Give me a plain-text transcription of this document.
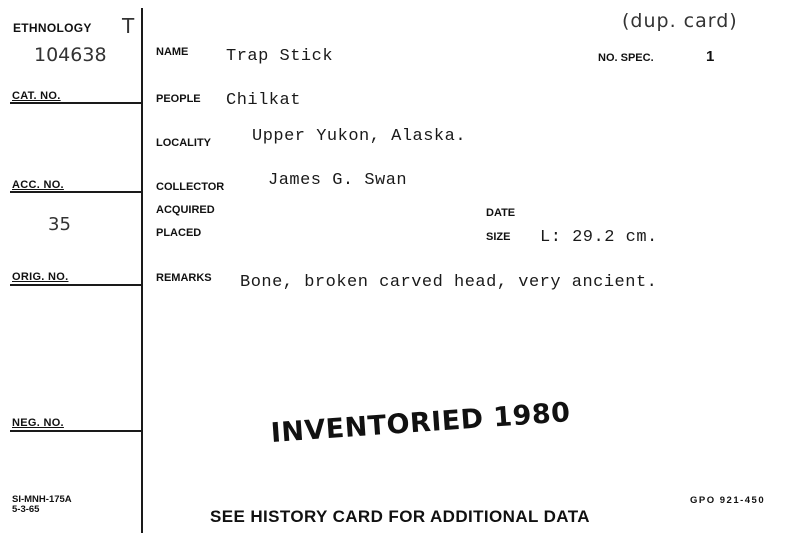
ETHNOLOGY T
104638
CAT. NO.
ACC. NO.
35
ORIG. NO.
NEG. NO.
SI-MNH-175A
5-3-65
(dup. card)
NAME Trap Stick	NO. SPEC.	1
PEOPLE Chilkat
LOCALITY Upper Yukon, Alaska.
COLLECTOR	James G. Swan
ACQUIRED	DATE
PLACED	SIZE L: 29.2 cm.
REMARKS Bone, broken carved head, very ancient.
INVENTORIED 1980
GPO 921-450
SEE HISTORY CARD FOR ADDITIONAL DATA
